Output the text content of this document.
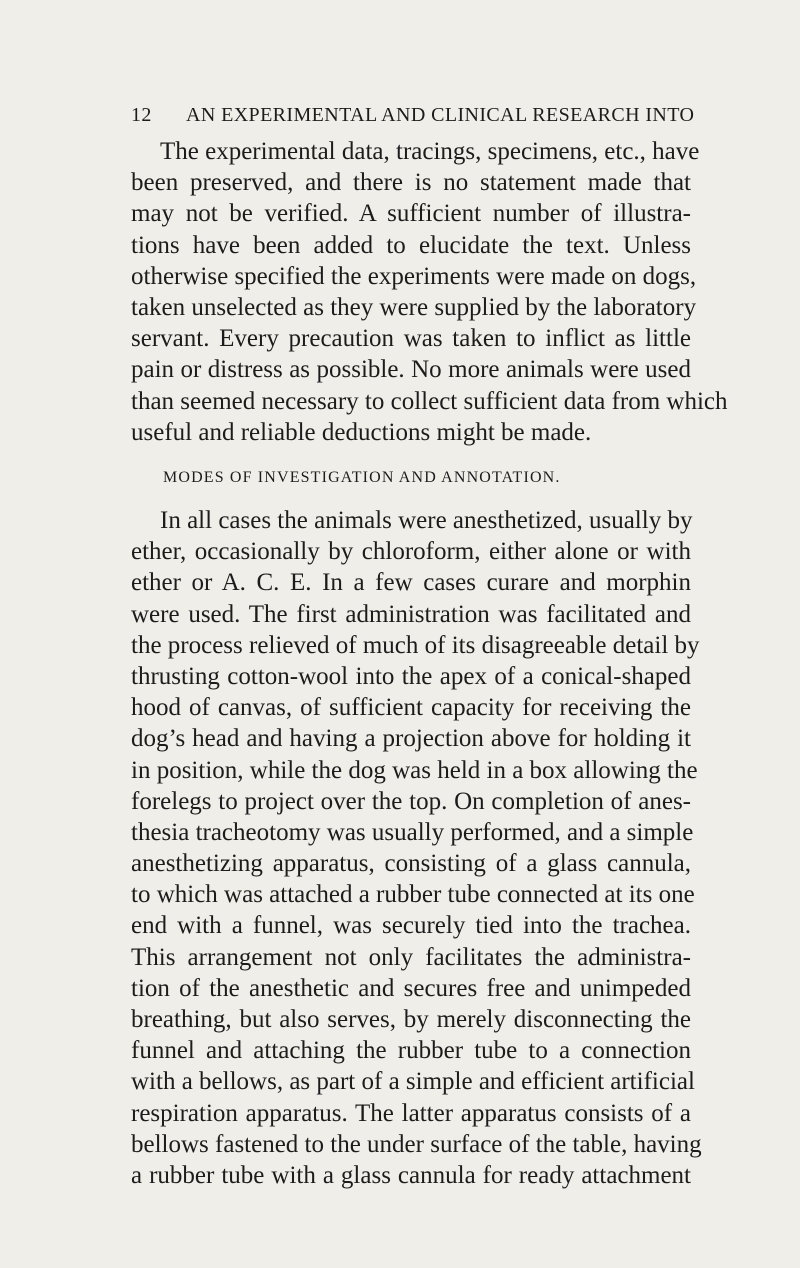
12 AN EXPERIMENTAL AND CLINICAL RESEARCH INTO
The experimental data, tracings, specimens, etc., have
been preserved, and there is no statement made that
may not be verified. A sufficient number of illustra-
tions have been added to elucidate the text. Unless
otherwise specified the experiments were made on dogs,
taken unselected as they were supplied by the laboratory
servant. Every precaution was taken to inflict as little
pain or distress as possible. No more animals were used
than seemed necessary to collect sufficient data from which
useful and reliable deductions might be made.
MODES OF INVESTIGATION AND ANNOTATION.
In all cases the animals were anesthetized, usually by
ether, occasionally by chloroform, either alone or with
ether or A. C. E. In a few cases curare and morphin
were used. The first administration was facilitated and
the process relieved of much of its disagreeable detail by
thrusting cotton-wool into the apex of a conical-shaped
hood of canvas, of sufficient capacity for receiving the
dog’s head and having a projection above for holding it
in position, while the dog was held in a box allowing the
forelegs to project over the top. On completion of anes-
thesia tracheotomy was usually performed, and a simple
anesthetizing apparatus, consisting of a glass cannula,
to which was attached a rubber tube connected at its one
end with a funnel, was securely tied into the trachea.
This arrangement not only facilitates the administra-
tion of the anesthetic and secures free and unimpeded
breathing, but also serves, by merely disconnecting the
funnel and attaching the rubber tube to a connection
with a bellows, as part of a simple and efficient artificial
respiration apparatus. The latter apparatus consists of a
bellows fastened to the under surface of the table, having
a rubber tube with a glass cannula for ready attachment
